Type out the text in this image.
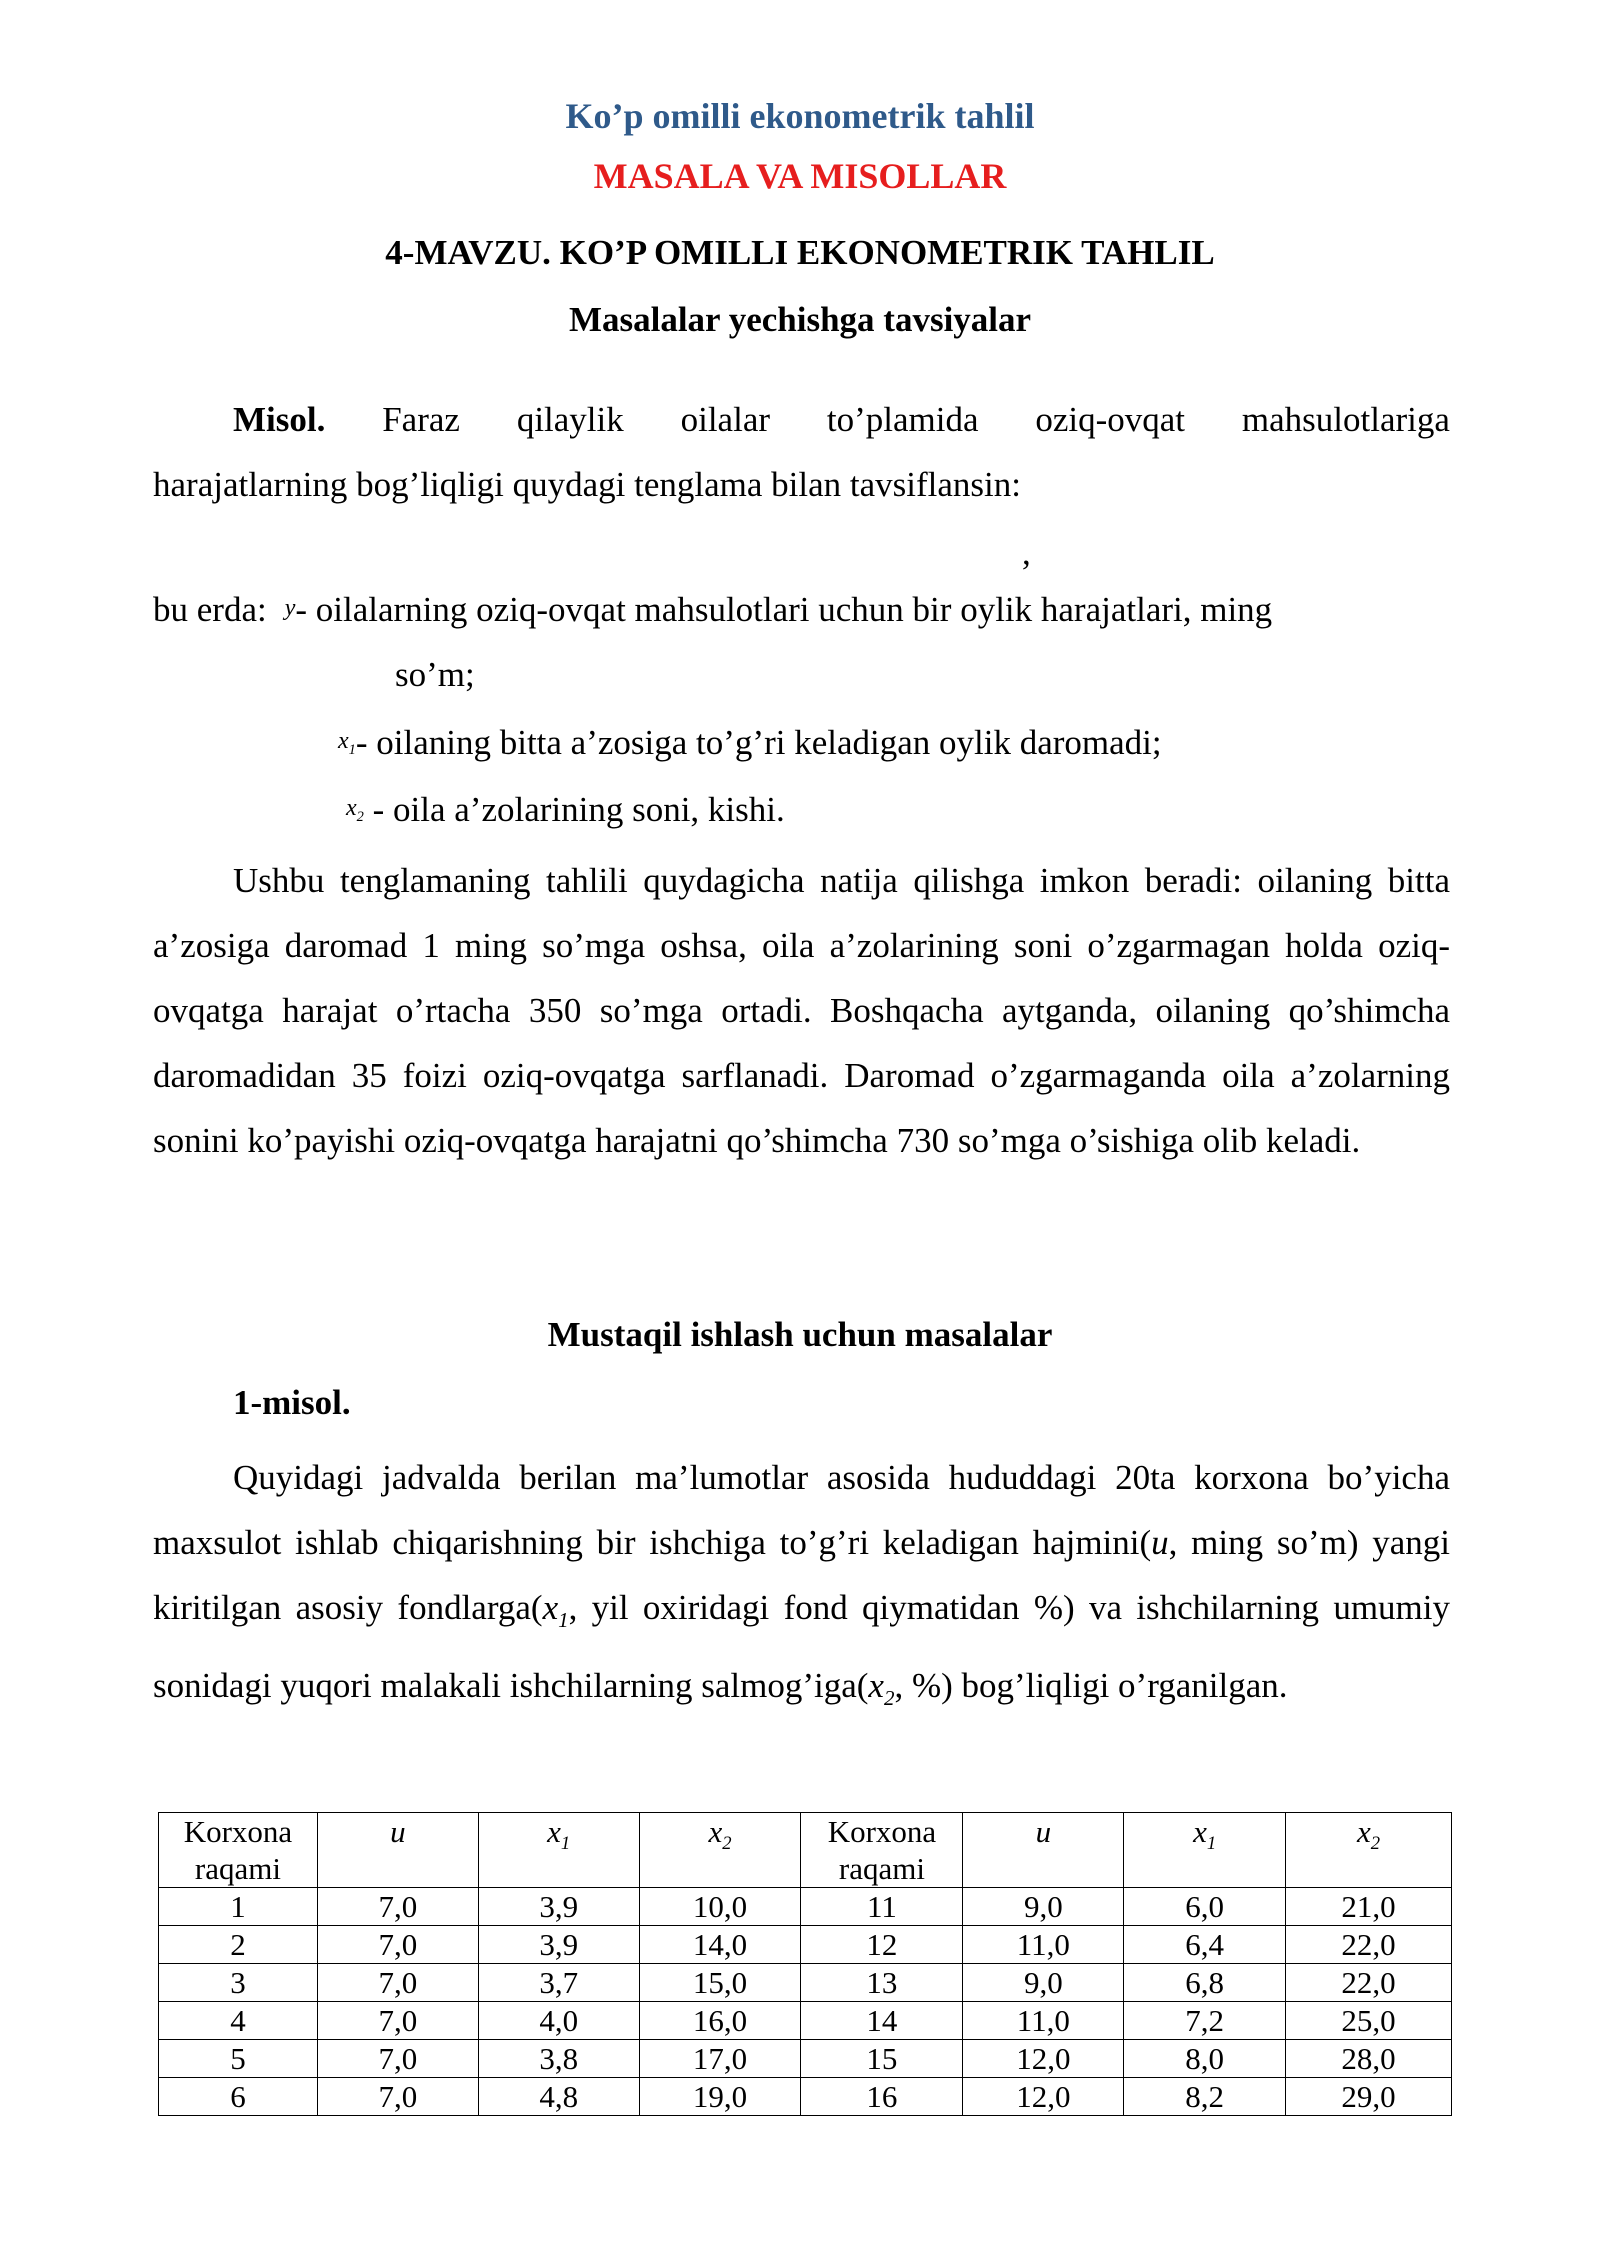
Ko’p omilli ekonometrik tahlil
MASALA VA MISOLLAR
4-MAVZU. KO’P OMILLI EKONOMETRIK TAHLIL
Masalalar yechishga tavsiyalar
Misol. Faraz qilaylik oilalar to’plamida oziq-ovqat mahsulotlariga
harajatlarning bog’liqligi quydagi tenglama bilan tavsiflansin:
,
bu erda: y- oilalarning oziq-ovqat mahsulotlari uchun bir oylik harajatlari, ming
so’m;
$x_1-$ oilaning bitta a’zosiga to’g’ri keladigan oylik daromadi;
$x_2$ - oila a’zolarining soni, kishi.

Ushbu tenglamaning tahlili quydagicha natija qilishga imkon beradi: oilaning bitta a’zosiga daromad 1 ming so’mga oshsa, oila a’zolarining soni o’zgarmagan holda oziq-ovqatga harajat o’rtacha 350 so’mga ortadi. Boshqacha aytganda, oilaning qo’shimcha daromadidan 35 foizi oziq-ovqatga sarflanadi. Daromad o’zgarmaganda oila a’zolarning sonini ko’payishi oziq-ovqatga harajatni qo’shimcha 730 so’mga o’sishiga olib keladi.

Mustaqil ishlash uchun masalalar
1-misol.

Quyidagi jadvalda berilan ma’lumotlar asosida hududdagi 20ta korxona bo’yicha maxsulot ishlab chiqarishning bir ishchiga to’g’ri keladigan hajmini(u, ming so’m) yangi kiritilgan asosiy $fondlarga(x_1$, yil oxiridagi fond qiymatidan %) va ishchilarning umumiy sonidagi yuqori malakali ishchilarning $salmog’iga(x_2$, %) bog’liqligi o’rganilgan.

Korxona raqami	u	$x_1$	$x_2$	Korxona raqami	u	$x_1$	$x_2$
1	7,0	3,9	10,0	11	9,0	6,0	21,0
2	7,0	3,9	14,0	12	11,0	6,4	22,0
3	7,0	3,7	15,0	13	9,0	6,8	22,0
4	7,0	4,0	16,0	14	11,0	7,2	25,0
5	7,0	3,8	17,0	15	12,0	8,0	28,0
6	7,0	4,8	19,0	16	12,0	8,2	29,0
